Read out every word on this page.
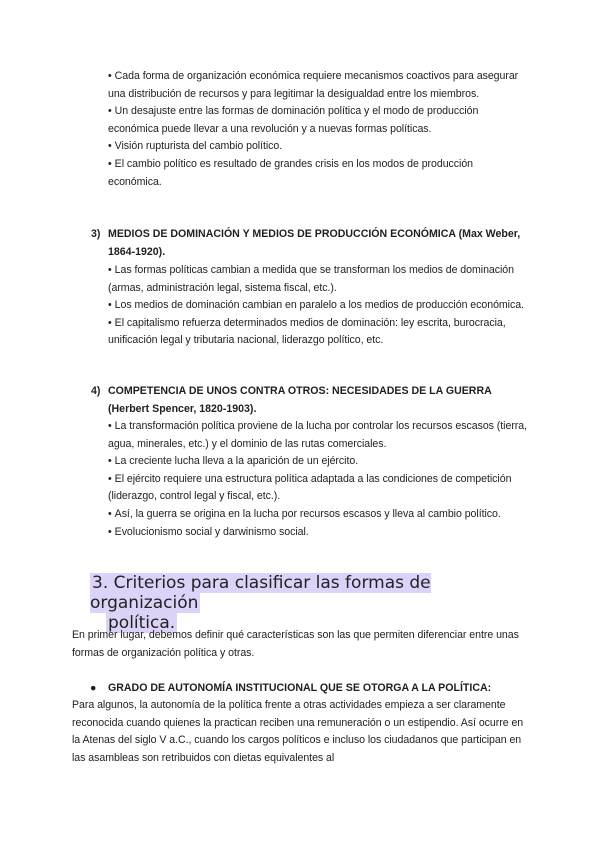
• Cada forma de organización económica requiere mecanismos coactivos para asegurar una distribución de recursos y para legitimar la desigualdad entre los miembros.
• Un desajuste entre las formas de dominación política y el modo de producción económica puede llevar a una revolución y a nuevas formas políticas.
• Visión rupturista del cambio político.
• El cambio político es resultado de grandes crisis en los modos de producción económica.
3) MEDIOS DE DOMINACIÓN Y MEDIOS DE PRODUCCIÓN ECONÓMICA (Max Weber, 1864-1920).
• Las formas políticas cambian a medida que se transforman los medios de dominación (armas, administración legal, sistema fiscal, etc.).
• Los medios de dominación cambian en paralelo a los medios de producción económica.
• El capitalismo refuerza determinados medios de dominación: ley escrita, burocracia, unificación legal y tributaria nacional, liderazgo político, etc.
4) COMPETENCIA DE UNOS CONTRA OTROS: NECESIDADES DE LA GUERRA (Herbert Spencer, 1820-1903).
• La transformación política proviene de la lucha por controlar los recursos escasos (tierra, agua, minerales, etc.) y el dominio de las rutas comerciales.
• La creciente lucha lleva a la aparición de un ejército.
• El ejército requiere una estructura política adaptada a las condiciones de competición (liderazgo, control legal y fiscal, etc.).
• Así, la guerra se origina en la lucha por recursos escasos y lleva al cambio político.
• Evolucionismo social y darwinismo social.
3. Criterios para clasificar las formas de organización
política.
En primer lugar, debemos definir qué características son las que permiten diferenciar entre unas formas de organización política y otras.
● GRADO DE AUTONOMÍA INSTITUCIONAL QUE SE OTORGA A LA POLÍTICA:
Para algunos, la autonomía de la política frente a otras actividades empieza a ser claramente reconocida cuando quienes la practican reciben una remuneración o un estipendio. Así ocurre en la Atenas del siglo V a.C., cuando los cargos políticos e incluso los ciudadanos que participan en las asambleas son retribuidos con dietas equivalentes al
